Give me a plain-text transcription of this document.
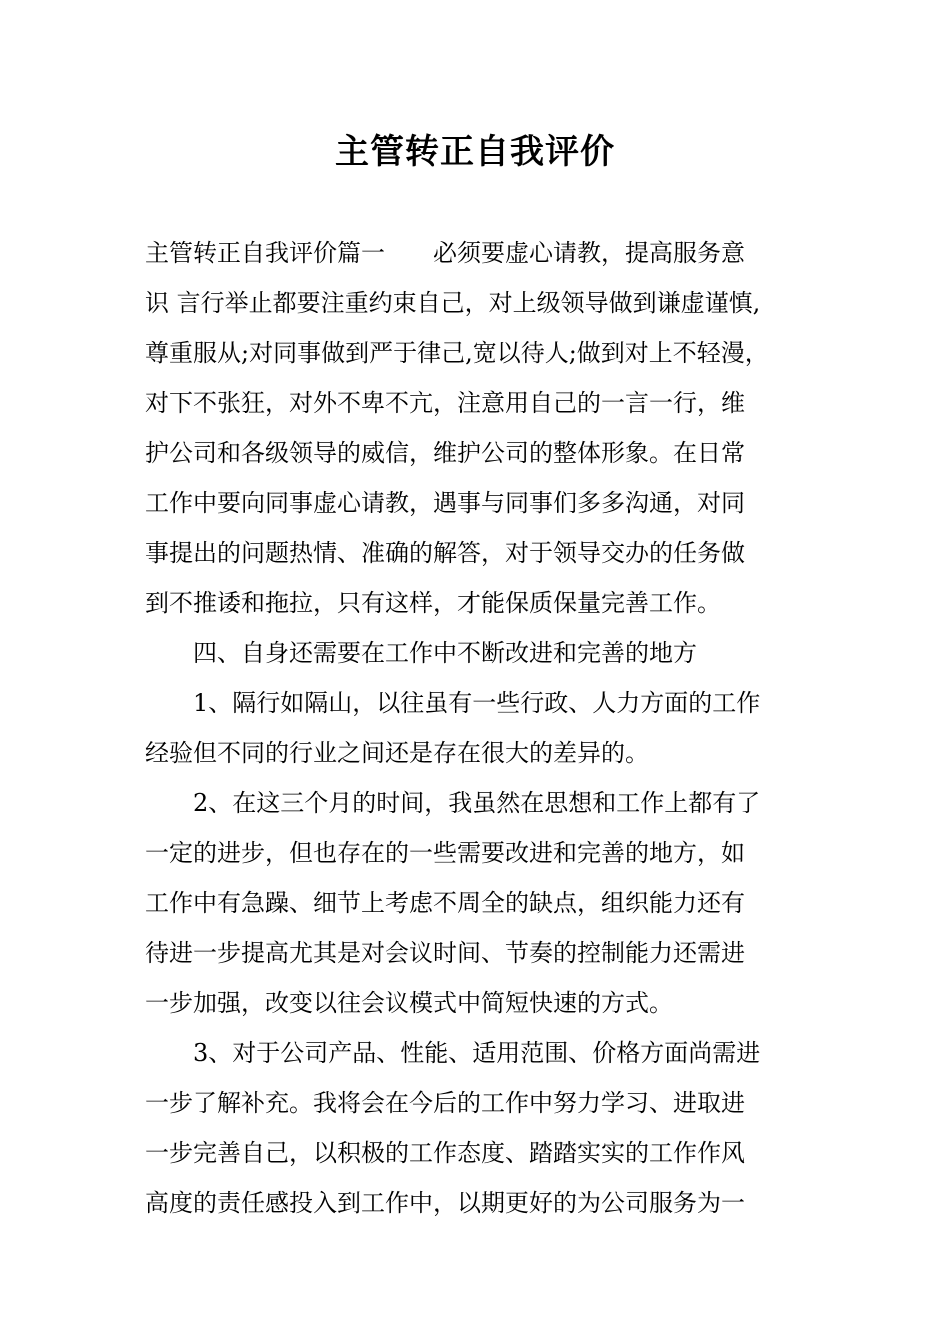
主管转正自我评价
主管转正自我评价篇一　　必须要虚心请教，提高服务意
识 言行举止都要注重约束自己，对上级领导做到谦虚谨慎,
尊重服从;对同事做到严于律己,宽以待人;做到对上不轻漫，
对下不张狂，对外不卑不亢，注意用自己的一言一行，维
护公司和各级领导的威信，维护公司的整体形象。在日常
工作中要向同事虚心请教，遇事与同事们多多沟通，对同
事提出的问题热情、准确的解答，对于领导交办的任务做
到不推诿和拖拉，只有这样，才能保质保量完善工作。
四、自身还需要在工作中不断改进和完善的地方
1、隔行如隔山，以往虽有一些行政、人力方面的工作
经验但不同的行业之间还是存在很大的差异的。
2、在这三个月的时间，我虽然在思想和工作上都有了
一定的进步，但也存在的一些需要改进和完善的地方，如
工作中有急躁、细节上考虑不周全的缺点，组织能力还有
待进一步提高尤其是对会议时间、节奏的控制能力还需进
一步加强，改变以往会议模式中简短快速的方式。
3、对于公司产品、性能、适用范围、价格方面尚需进
一步了解补充。我将会在今后的工作中努力学习、进取进
一步完善自己，以积极的工作态度、踏踏实实的工作作风
高度的责任感投入到工作中，以期更好的为公司服务为一
